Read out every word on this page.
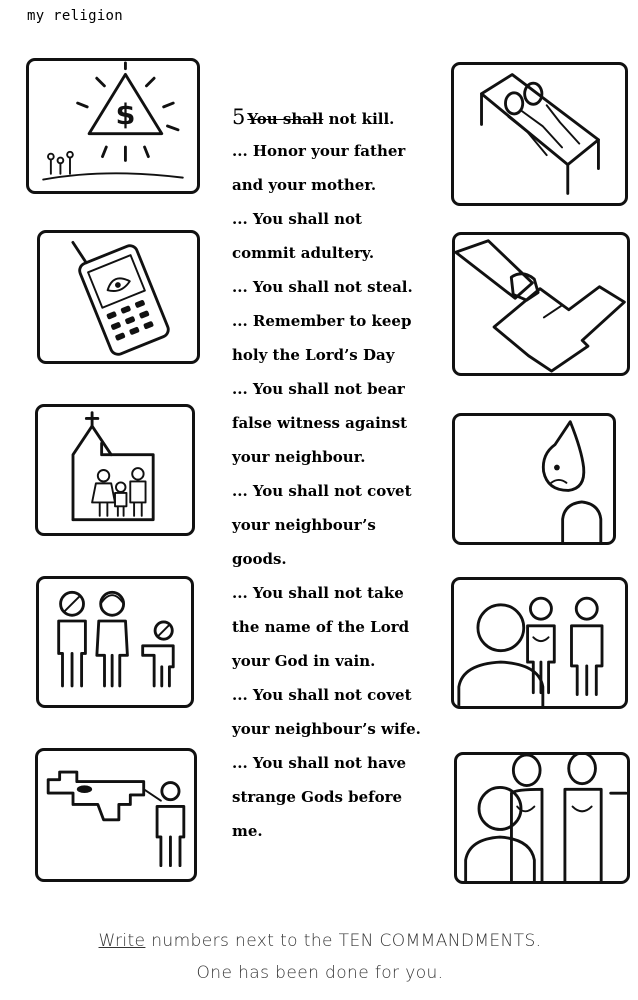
my religion
$	5 You shall not kill.
... Honor your father
and your mother.
... You shall not
commit adultery.
... You shall not steal.
... Remember to keep
holy the Lord’s Day
... You shall not bear
false witness against
your neighbour.
... You shall not covet
your neighbour’s
goods.
... You shall not take
the name of the Lord
your God in vain.
... You shall not covet
your neighbour’s wife.
... You shall not have
strange Gods before
me.
Write numbers next to the TEN COMMANDMENTS.
One has been done for you.
